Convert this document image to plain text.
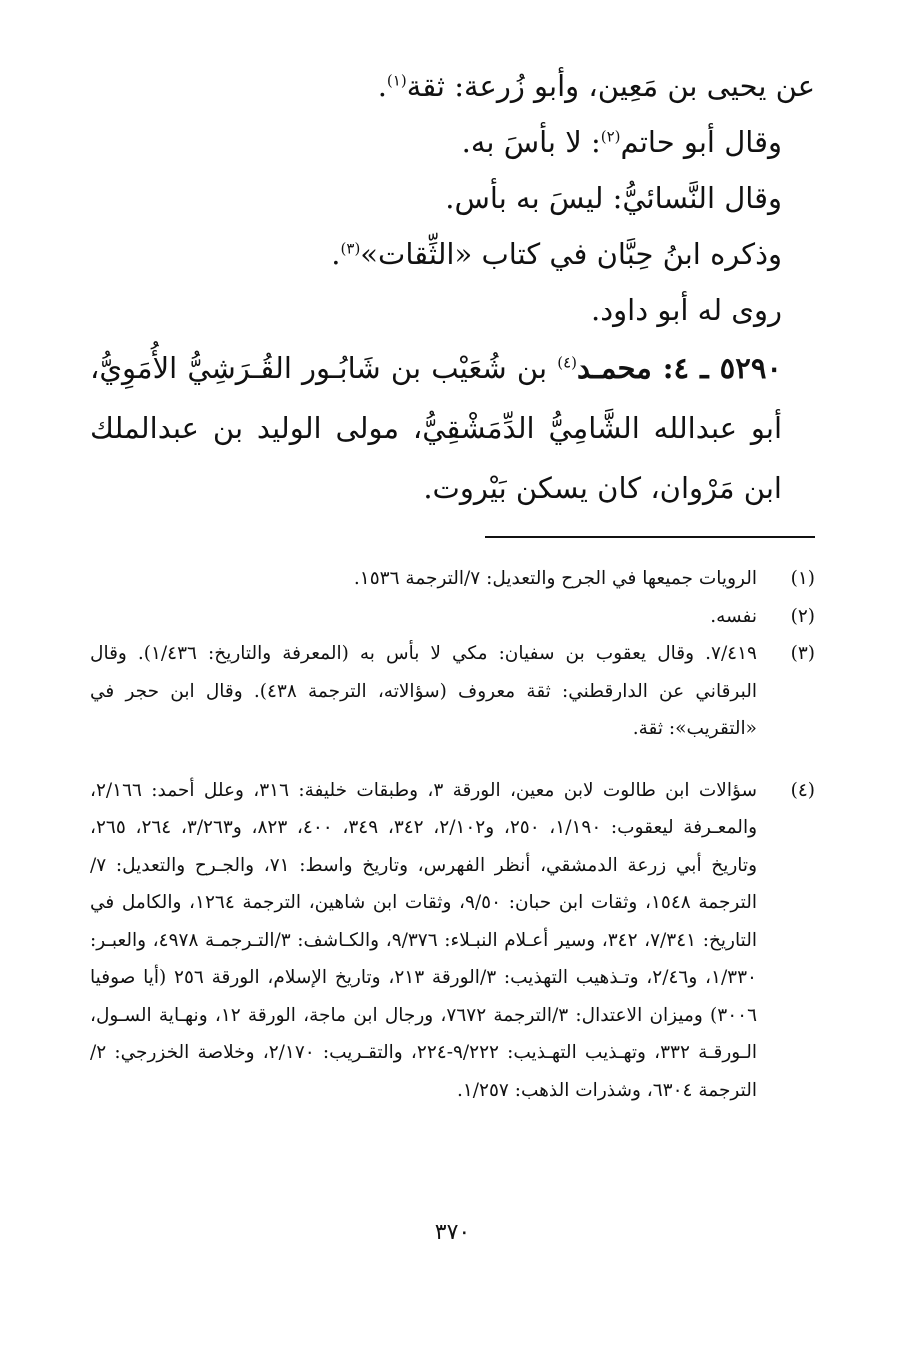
عن يحيى بن مَعِين، وأبو زُرعة: ثقة$^{(١)}$.

وقال أبو حاتم$^{(٢)}$: لا بأسَ به.

وقال النَّسائيُّ: ليسَ به بأس.

وذكره ابنُ حِبَّان في كتاب «الثِّقات»$^{(٣)}$.

روى له أبو داود.

٥٢٩٠ ـ ٤: محمـد$^{(٤)}$ بن شُعَيْب بن شَابُـور القُـرَشِيُّ الأُمَوِيُّ، أبو عبدالله الشَّامِيُّ الدِّمَشْقِيُّ، مولى الوليد بن عبدالملك ابن مَرْوان، كان يسكن بَيْروت.

(١)
الرويات جميعها في الجرح والتعديل: ٧/الترجمة ١٥٣٦.
(٢)
نفسه.
(٣)
٧/٤١٩. وقال يعقوب بن سفيان: مكي لا بأس به (المعرفة والتاريخ: ١/٤٣٦). وقال البرقاني عن الدارقطني: ثقة معروف (سؤالاته، الترجمة ٤٣٨). وقال ابن حجر في «التقريب»: ثقة.
(٤)
سؤالات ابن طالوت لابن معين، الورقة ٣، وطبقات خليفة: ٣١٦، وعلل أحمد: ٢/١٦٦، والمعـرفة ليعقوب: ١/١٩٠، ٢٥٠، و٢/١٠٢، ٣٤٢، ٣٤٩، ٤٠٠، ٨٢٣، و٣/٢٦٣، ٢٦٤، ٢٦٥، وتاريخ أبي زرعة الدمشقي، أنظر الفهرس، وتاريخ واسط: ٧١، والجـرح والتعديل: ٧/الترجمة ١٥٤٨، وثقات ابن حبان: ٩/٥٠، وثقات ابن شاهين، الترجمة ١٢٦٤، والكامل في التاريخ: ٧/٣٤١، ٣٤٢، وسير أعـلام النبـلاء: ٩/٣٧٦، والكـاشف: ٣/التـرجمـة ٤٩٧٨، والعبـر: ١/٣٣٠، و٢/٤٦، وتـذهيب التهذيب: ٣/الورقة ٢١٣، وتاريخ الإسلام، الورقة ٢٥٦ (أيا صوفيا ٣٠٠٦) وميزان الاعتدال: ٣/الترجمة ٧٦٧٢، ورجال ابن ماجة، الورقة ١٢، ونهـاية السـول، الـورقـة ٣٣٢، وتهـذيب التهـذيب: ٩/٢٢٢-٢٢٤، والتقـريب: ٢/١٧٠، وخلاصة الخزرجي: ٢/الترجمة ٦٣٠٤، وشذرات الذهب: ١/٢٥٧.
٣٧٠
